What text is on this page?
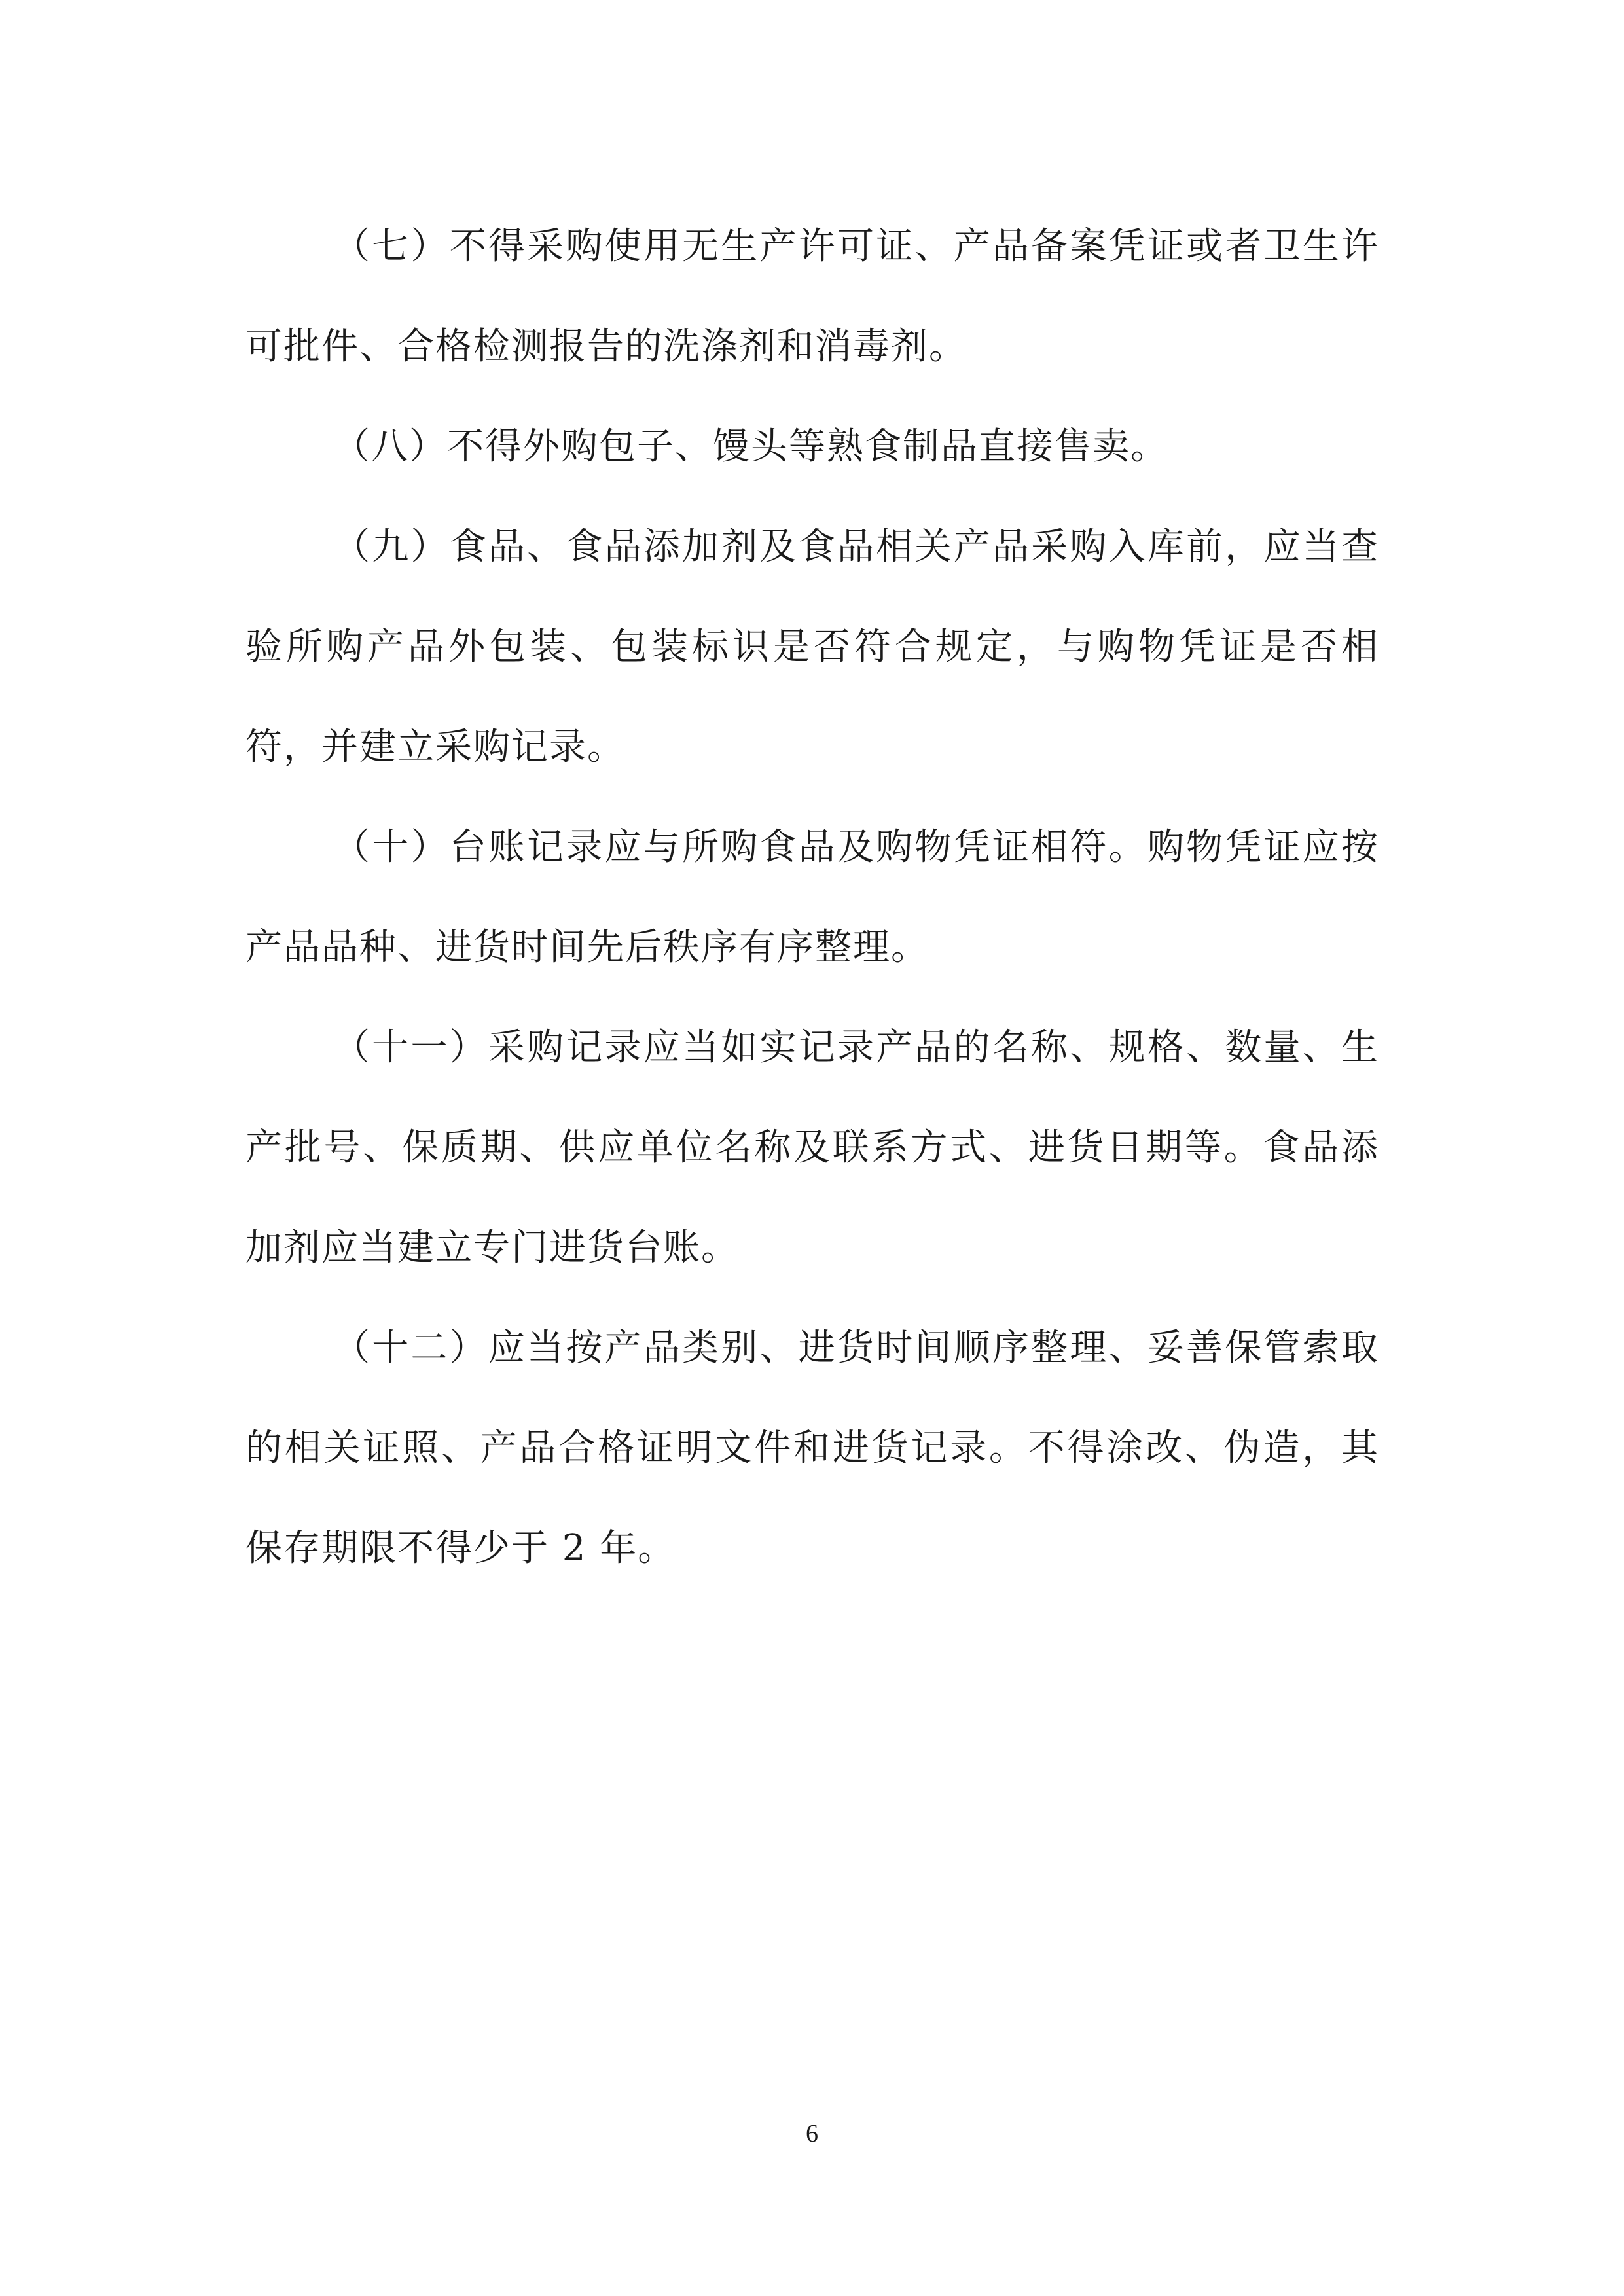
（七）不得采购使用无生产许可证、产品备案凭证或者卫生许可批件、合格检测报告的洗涤剂和消毒剂。

（八）不得外购包子、馒头等熟食制品直接售卖。

（九）食品、食品添加剂及食品相关产品采购入库前，应当查验所购产品外包装、包装标识是否符合规定，与购物凭证是否相符，并建立采购记录。

（十）台账记录应与所购食品及购物凭证相符。购物凭证应按产品品种、进货时间先后秩序有序整理。

（十一）采购记录应当如实记录产品的名称、规格、数量、生产批号、保质期、供应单位名称及联系方式、进货日期等。食品添加剂应当建立专门进货台账。

（十二）应当按产品类别、进货时间顺序整理、妥善保管索取的相关证照、产品合格证明文件和进货记录。不得涂改、伪造，其保存期限不得少于 2 年。

6
